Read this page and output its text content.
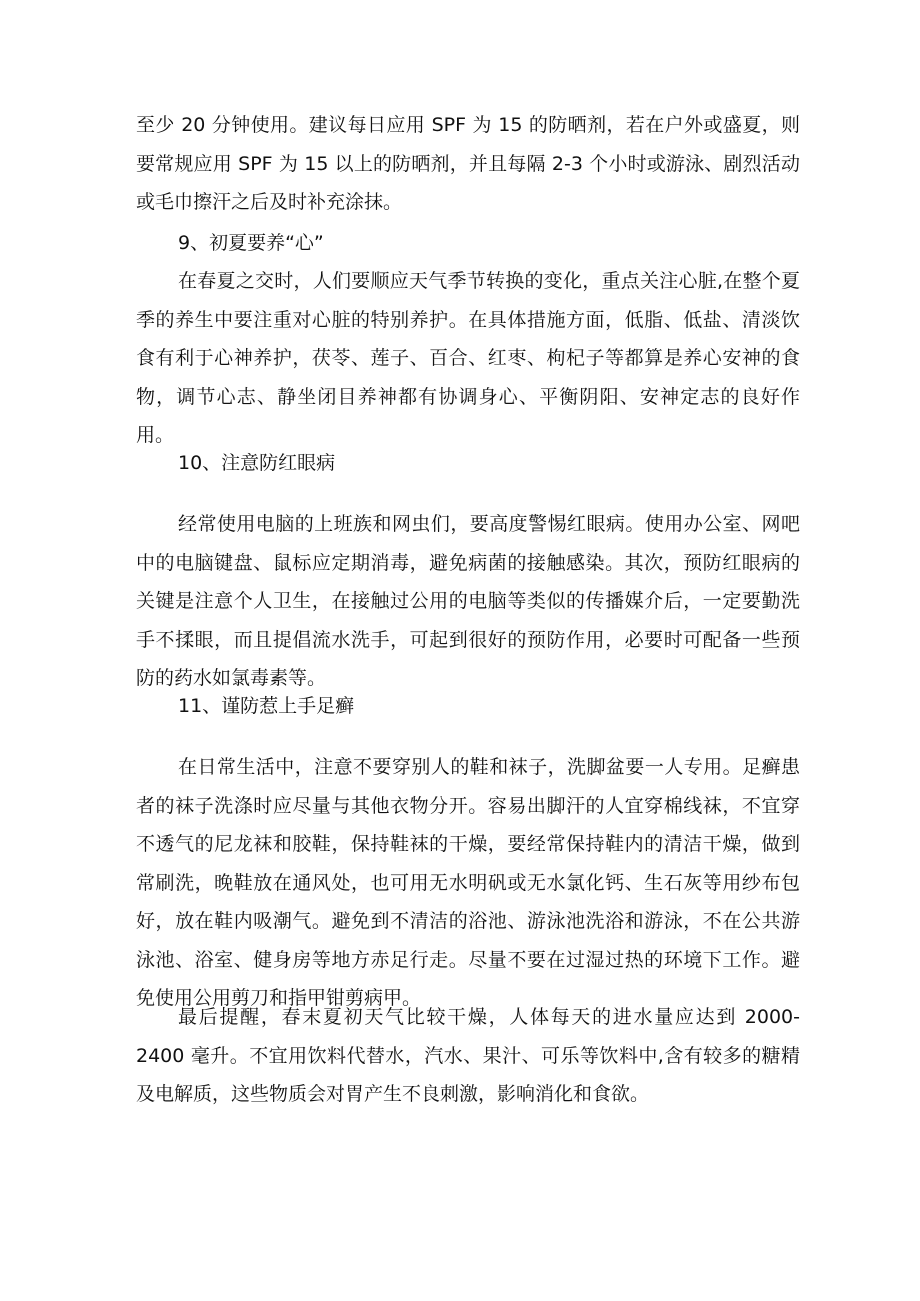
至少 20 分钟使用。建议每日应用 SPF 为 15 的防晒剂，若在户外或盛夏，则要常规应用 SPF 为 15 以上的防晒剂，并且每隔 2-3 个小时或游泳、剧烈活动或毛巾擦汗之后及时补充涂抹。

9、初夏要养“心”

在春夏之交时，人们要顺应天气季节转换的变化，重点关注心脏,在整个夏季的养生中要注重对心脏的特别养护。在具体措施方面，低脂、低盐、清淡饮食有利于心神养护，茯苓、莲子、百合、红枣、枸杞子等都算是养心安神的食物，调节心志、静坐闭目养神都有协调身心、平衡阴阳、安神定志的良好作用。

10、注意防红眼病

经常使用电脑的上班族和网虫们，要高度警惕红眼病。使用办公室、网吧中的电脑键盘、鼠标应定期消毒，避免病菌的接触感染。其次，预防红眼病的关键是注意个人卫生，在接触过公用的电脑等类似的传播媒介后，一定要勤洗手不揉眼，而且提倡流水洗手，可起到很好的预防作用，必要时可配备一些预防的药水如氯毒素等。

11、谨防惹上手足癣

在日常生活中，注意不要穿别人的鞋和袜子，洗脚盆要一人专用。足癣患者的袜子洗涤时应尽量与其他衣物分开。容易出脚汗的人宜穿棉线袜，不宜穿不透气的尼龙袜和胶鞋，保持鞋袜的干燥，要经常保持鞋内的清洁干燥，做到常刷洗，晚鞋放在通风处，也可用无水明矾或无水氯化钙、生石灰等用纱布包好，放在鞋内吸潮气。避免到不清洁的浴池、游泳池洗浴和游泳，不在公共游泳池、浴室、健身房等地方赤足行走。尽量不要在过湿过热的环境下工作。避免使用公用剪刀和指甲钳剪病甲。

最后提醒，春末夏初天气比较干燥，人体每天的进水量应达到 2000-2400 毫升。不宜用饮料代替水，汽水、果汁、可乐等饮料中,含有较多的糖精及电解质，这些物质会对胃产生不良刺激，影响消化和食欲。
